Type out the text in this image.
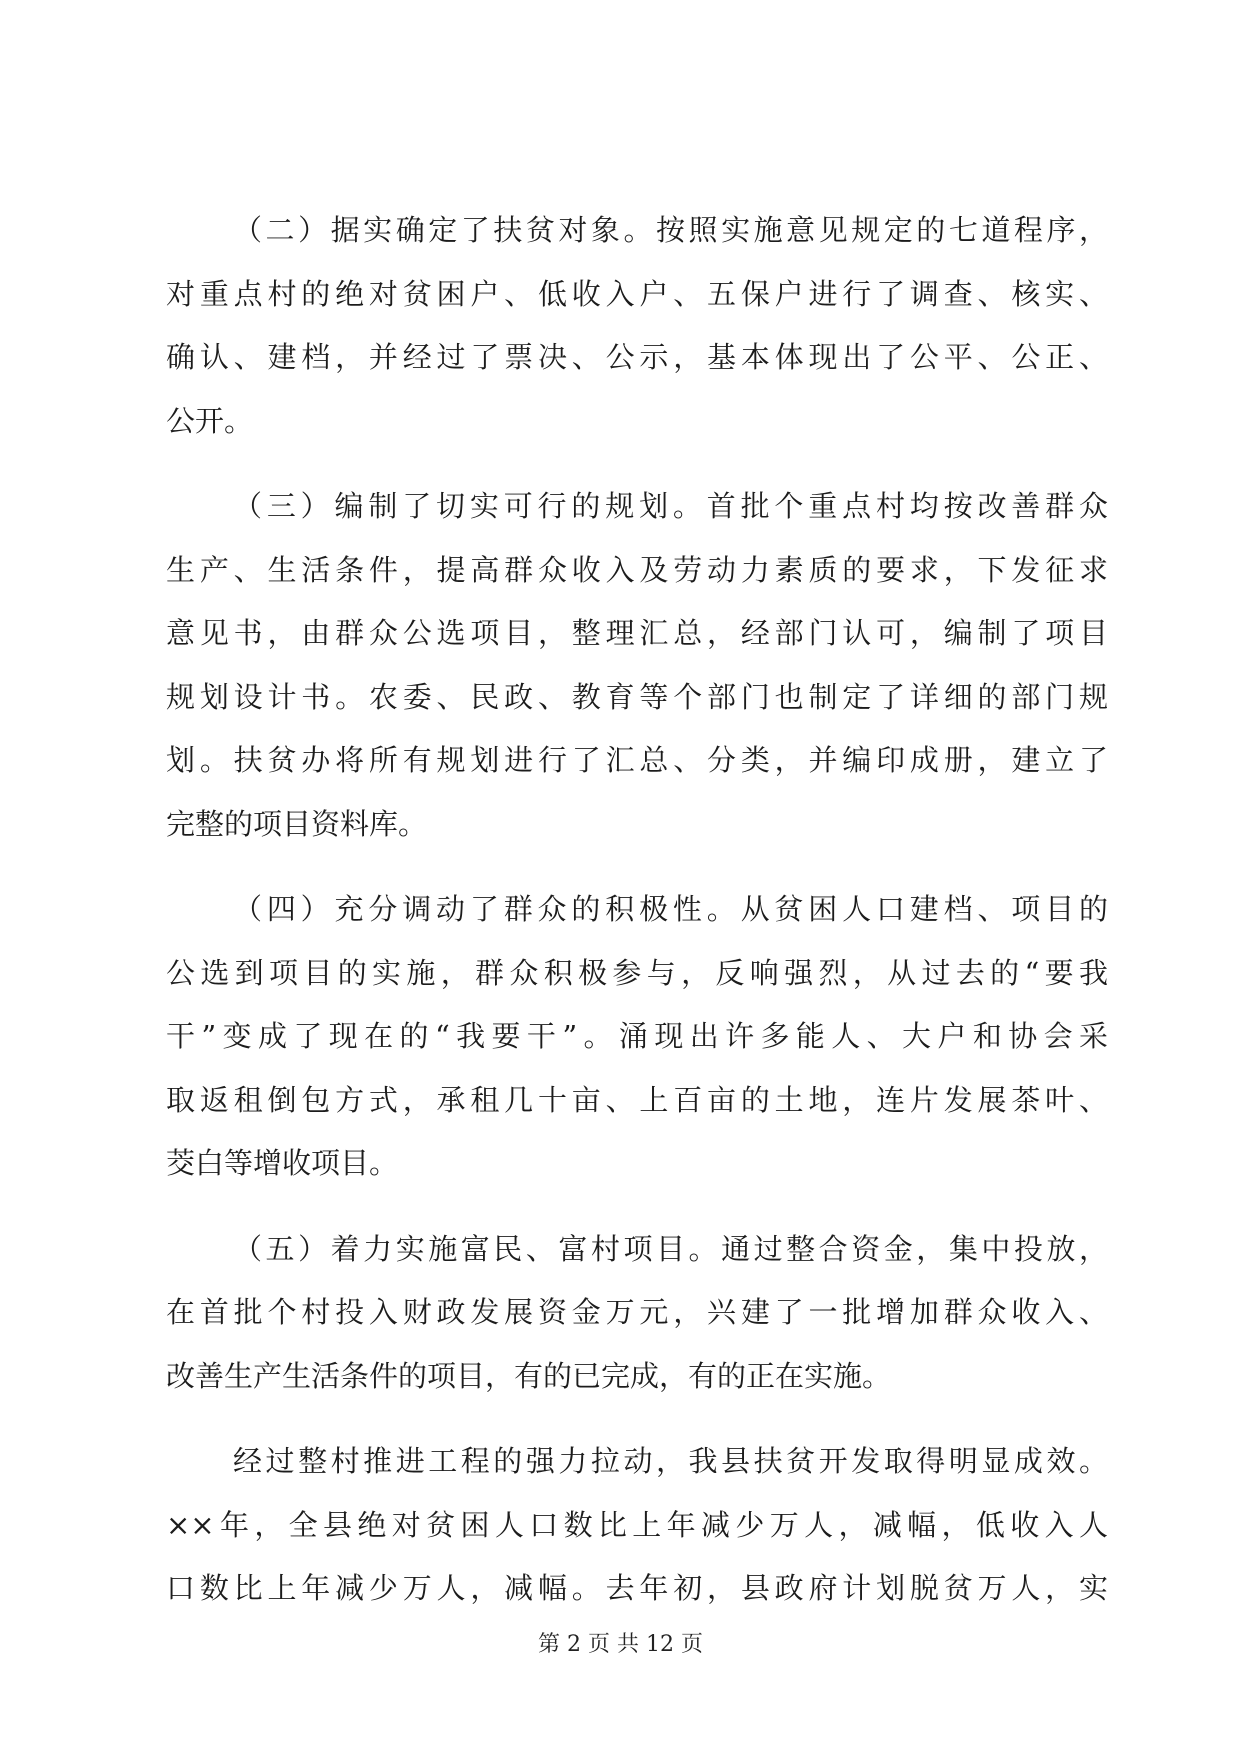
（二）据实确定了扶贫对象。按照实施意见规定的七道程序，
对重点村的绝对贫困户、低收入户、五保户进行了调查、核实、
确认、建档，并经过了票决、公示，基本体现出了公平、公正、
公开。
（三）编制了切实可行的规划。首批个重点村均按改善群众
生产、生活条件，提高群众收入及劳动力素质的要求，下发征求
意见书，由群众公选项目，整理汇总，经部门认可，编制了项目
规划设计书。农委、民政、教育等个部门也制定了详细的部门规
划。扶贫办将所有规划进行了汇总、分类，并编印成册，建立了
完整的项目资料库。
（四）充分调动了群众的积极性。从贫困人口建档、项目的
公选到项目的实施，群众积极参与，反响强烈，从过去的“要我
干”变成了现在的“我要干”。涌现出许多能人、大户和协会采
取返租倒包方式，承租几十亩、上百亩的土地，连片发展茶叶、
茭白等增收项目。
（五）着力实施富民、富村项目。通过整合资金，集中投放，
在首批个村投入财政发展资金万元，兴建了一批增加群众收入、
改善生产生活条件的项目，有的已完成，有的正在实施。
经过整村推进工程的强力拉动，我县扶贫开发取得明显成效。
××年，全县绝对贫困人口数比上年减少万人，减幅，低收入人
口数比上年减少万人，减幅。去年初，县政府计划脱贫万人，实
第 2 页 共 12 页
